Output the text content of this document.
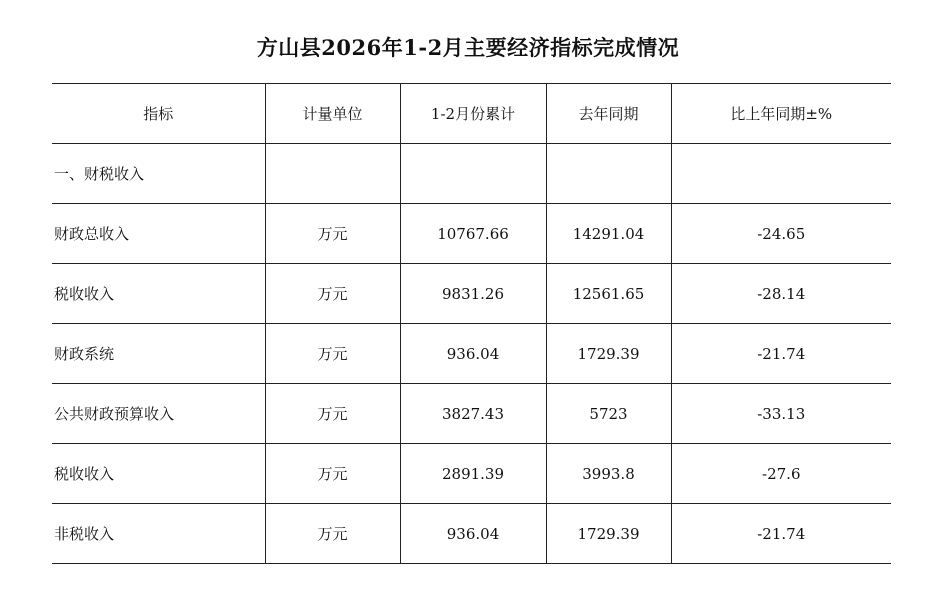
方山县2026年1-2月主要经济指标完成情况
指标	计量单位	1-2月份累计	去年同期	比上年同期±%
一、财税收入				
财政总收入	万元	10767.66	14291.04	-24.65
税收收入	万元	9831.26	12561.65	-28.14
财政系统	万元	936.04	1729.39	-21.74
公共财政预算收入	万元	3827.43	5723	-33.13
税收收入	万元	2891.39	3993.8	-27.6
非税收入	万元	936.04	1729.39	-21.74
